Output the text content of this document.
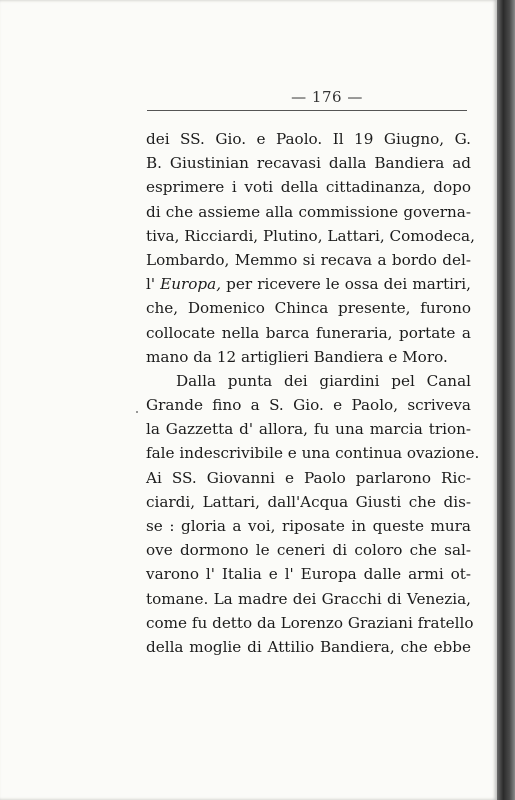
— 176 —
dei SS. Gio. e Paolo. Il 19 Giugno, G.
B. Giustinian recavasi dalla Bandiera ad
esprimere i voti della cittadinanza, dopo
di che assieme alla commissione governa-
tiva, Ricciardi, Plutino, Lattari, Comodeca,
Lombardo, Memmo si recava a bordo del-
l' Europa, per ricevere le ossa dei martiri,
che, Domenico Chinca presente, furono
collocate nella barca funeraria, portate a
mano da 12 artiglieri Bandiera e Moro.
Dalla punta dei giardini pel Canal
Grande fino a S. Gio. e Paolo, scriveva
la Gazzetta d' allora, fu una marcia trion-
fale indescrivibile e una continua ovazione.
Ai SS. Giovanni e Paolo parlarono Ric-
ciardi, Lattari, dall'Acqua Giusti che dis-
se : gloria a voi, riposate in queste mura
ove dormono le ceneri di coloro che sal-
varono l' Italia e l' Europa dalle armi ot-
tomane. La madre dei Gracchi di Venezia,
come fu detto da Lorenzo Graziani fratello
della moglie di Attilio Bandiera, che ebbe
